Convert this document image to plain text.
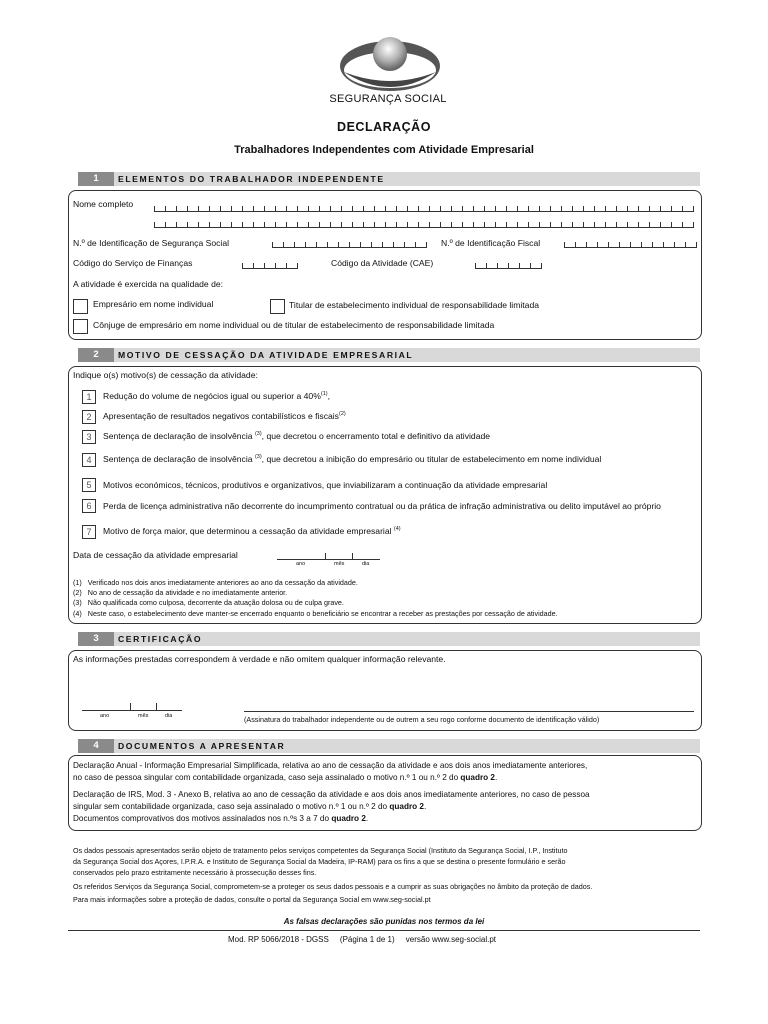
SEGURANÇA SOCIAL
DECLARAÇÃO
Trabalhadores Independentes com Atividade Empresarial
1	ELEMENTOS DO TRABALHADOR INDEPENDENTE
Nome completo
N.º de Identificação de Segurança Social	N.º de Identificação Fiscal
Código do Serviço de Finanças	Código da Atividade (CAE)
A atividade é exercida na qualidade de:
Empresário em nome individual	Titular de estabelecimento individual de responsabilidade limitada
Cônjuge de empresário em nome individual ou de titular de estabelecimento de responsabilidade limitada
2	MOTIVO DE CESSAÇÃO DA ATIVIDADE EMPRESARIAL
Indique o(s) motivo(s) de cessação da atividade:
1	Redução do volume de negócios igual ou superior a 40%$^{(1)}$,
2	Apresentação de resultados negativos contabilísticos e fiscais$^{(2)}$
3	Sentença de declaração de insolvência $^{(3)}$, que decretou o encerramento total e definitivo da atividade
4	Sentença de declaração de insolvência $^{(3)}$, que decretou a inibição do empresário ou titular de estabelecimento em nome individual
5	Motivos económicos, técnicos, produtivos e organizativos, que inviabilizaram a continuação da atividade empresarial
6	Perda de licença administrativa não decorrente do incumprimento contratual ou da prática de infração administrativa ou delito imputável ao próprio
7	Motivo de força maior, que determinou a cessação da atividade empresarial $^{(4)}$
Data de cessação da atividade empresarial
ano	mês	dia
(1) Verificado nos dois anos imediatamente anteriores ao ano da cessação da atividade.
(2) No ano de cessação da atividade e no imediatamente anterior.
(3) Não qualificada como culposa, decorrente da atuação dolosa ou de culpa grave.
(4) Neste caso, o estabelecimento deve manter-se encerrado enquanto o beneficiário se encontrar a receber as prestações por cessação de atividade.
3	CERTIFICAÇÃO
As informações prestadas correspondem à verdade e não omitem qualquer informação relevante.
ano	mês	dia	(Assinatura do trabalhador independente ou de outrem a seu rogo conforme documento de identificação válido)
4	DOCUMENTOS A APRESENTAR
Declaração Anual - Informação Empresarial Simplificada, relativa ao ano de cessação da atividade e aos dois anos imediatamente anteriores,
no caso de pessoa singular com contabilidade organizada, caso seja assinalado o motivo n.º 1 ou n.º 2 do quadro 2.
Declaração de IRS, Mod. 3 - Anexo B, relativa ao ano de cessação da atividade e aos dois anos imediatamente anteriores, no caso de pessoa
singular sem contabilidade organizada, caso seja assinalado o motivo n.º 1 ou n.º 2 do quadro 2.
Documentos comprovativos dos motivos assinalados nos n.ºs 3 a 7 do quadro 2.
Os dados pessoais apresentados serão objeto de tratamento pelos serviços competentes da Segurança Social (Instituto da Segurança Social, I.P., Instituto
da Segurança Social dos Açores, I.P.R.A. e Instituto de Segurança Social da Madeira, IP-RAM) para os fins a que se destina o presente formulário e serão
conservados pelo prazo estritamente necessário à prossecução desses fins.
Os referidos Serviços da Segurança Social, comprometem-se a proteger os seus dados pessoais e a cumprir as suas obrigações no âmbito da proteção de dados.
Para mais informações sobre a proteção de dados, consulte o portal da Segurança Social em www.seg-social.pt
As falsas declarações são punidas nos termos da lei
Mod. RP 5066/2018 - DGSS (Página 1 de 1) versão www.seg-social.pt
